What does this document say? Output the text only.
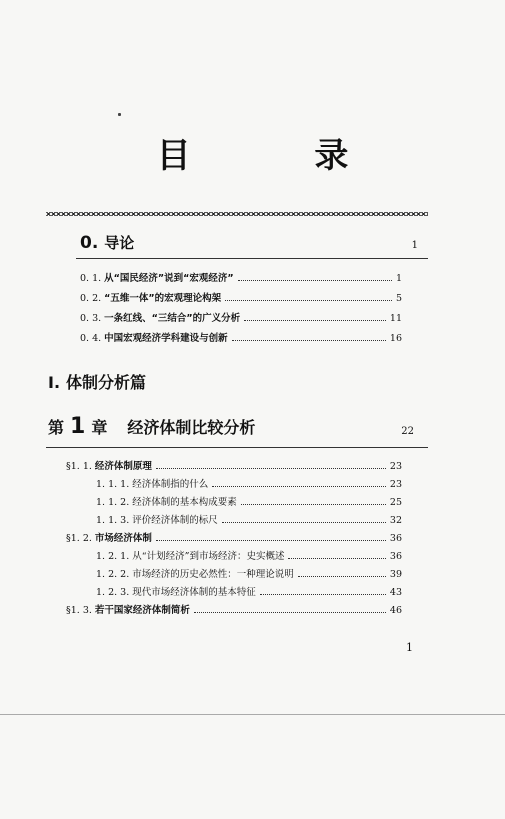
目 录
0. 导论	1
0. 1. 从“国民经济”说到“宏观经济”	1
0. 2. “五维一体”的宏观理论构架	5
0. 3. 一条红线、“三结合”的广义分析	11
0. 4. 中国宏观经济学科建设与创新	16
Ⅰ. 体制分析篇
第 1 章 经济体制比较分析	22
§1. 1. 经济体制原理	23
1. 1. 1. 经济体制指的什么	23
1. 1. 2. 经济体制的基本构成要素	25
1. 1. 3. 评价经济体制的标尺	32
§1. 2. 市场经济体制	36
1. 2. 1. 从“计划经济”到市场经济：史实概述	36
1. 2. 2. 市场经济的历史必然性：一种理论说明	39
1. 2. 3. 现代市场经济体制的基本特征	43
§1. 3. 若干国家经济体制简析	46
1
